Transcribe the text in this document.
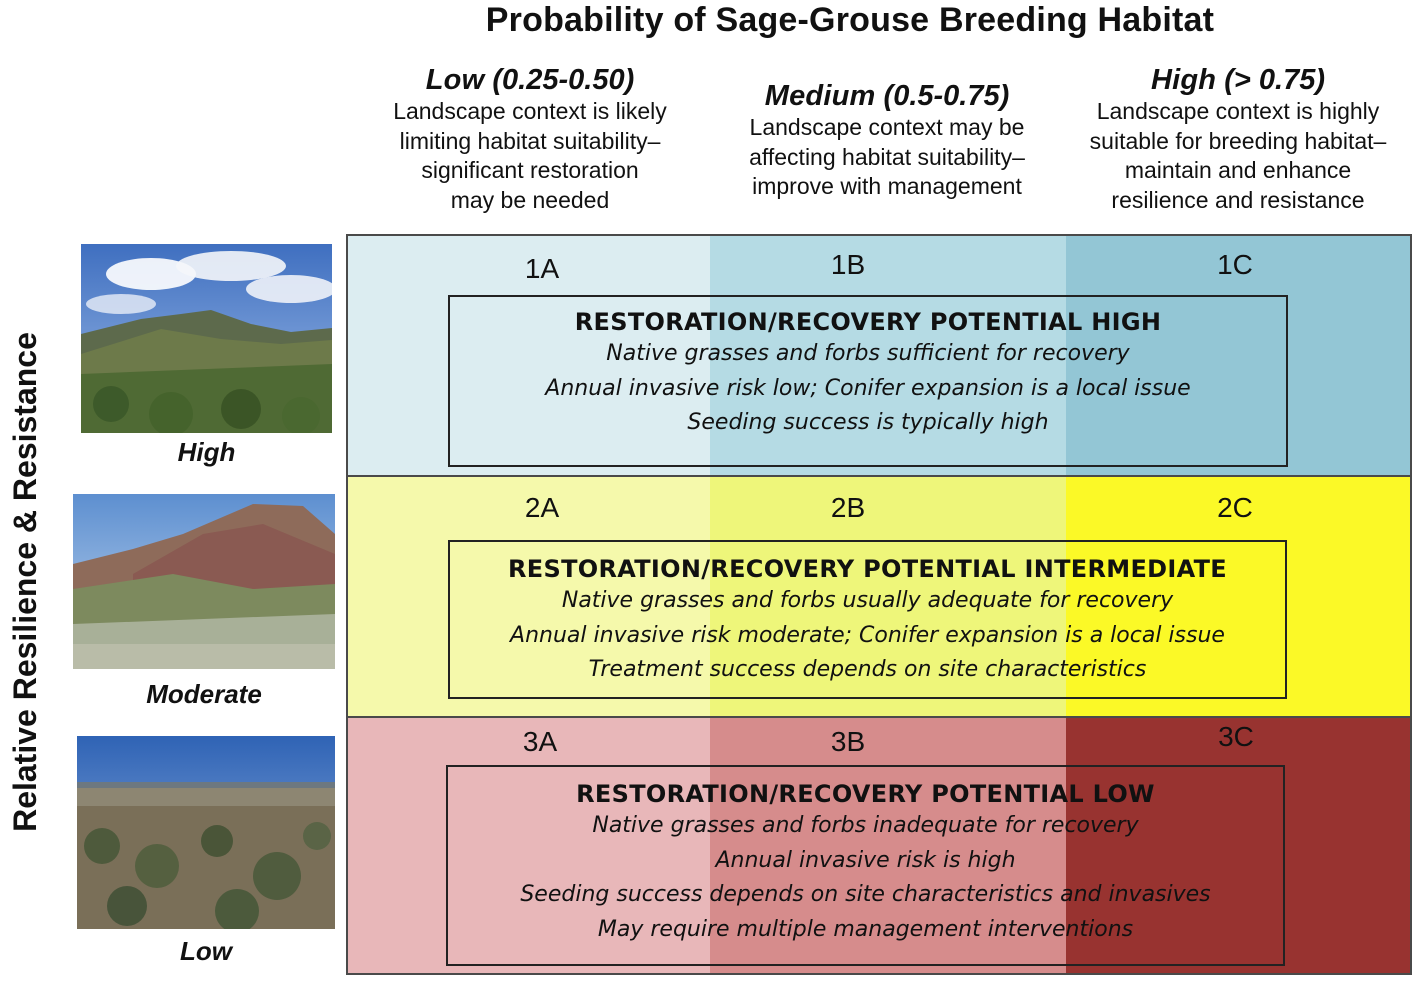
Probability of Sage-Grouse Breeding Habitat
Low (0.25-0.50)
Landscape context is likely
limiting habitat suitability–
significant restoration
may be needed
Medium (0.5-0.75)
Landscape context may be
affecting habitat suitability–
improve with management
High (> 0.75)
Landscape context is highly
suitable for breeding habitat–
maintain and enhance
resilience and resistance
Relative Resilience & Resistance	High
Moderate
Low
1A	1B	1C
2A	2B	2C
3A	3B	3C
RESTORATION/RECOVERY POTENTIAL HIGH
Native grasses and forbs sufficient for recovery
Annual invasive risk low; Conifer expansion is a local issue
Seeding success is typically high
RESTORATION/RECOVERY POTENTIAL INTERMEDIATE
Native grasses and forbs usually adequate for recovery
Annual invasive risk moderate; Conifer expansion is a local issue
Treatment success depends on site characteristics
RESTORATION/RECOVERY POTENTIAL LOW
Native grasses and forbs inadequate for recovery
Annual invasive risk is high
Seeding success depends on site characteristics and invasives
May require multiple management interventions
